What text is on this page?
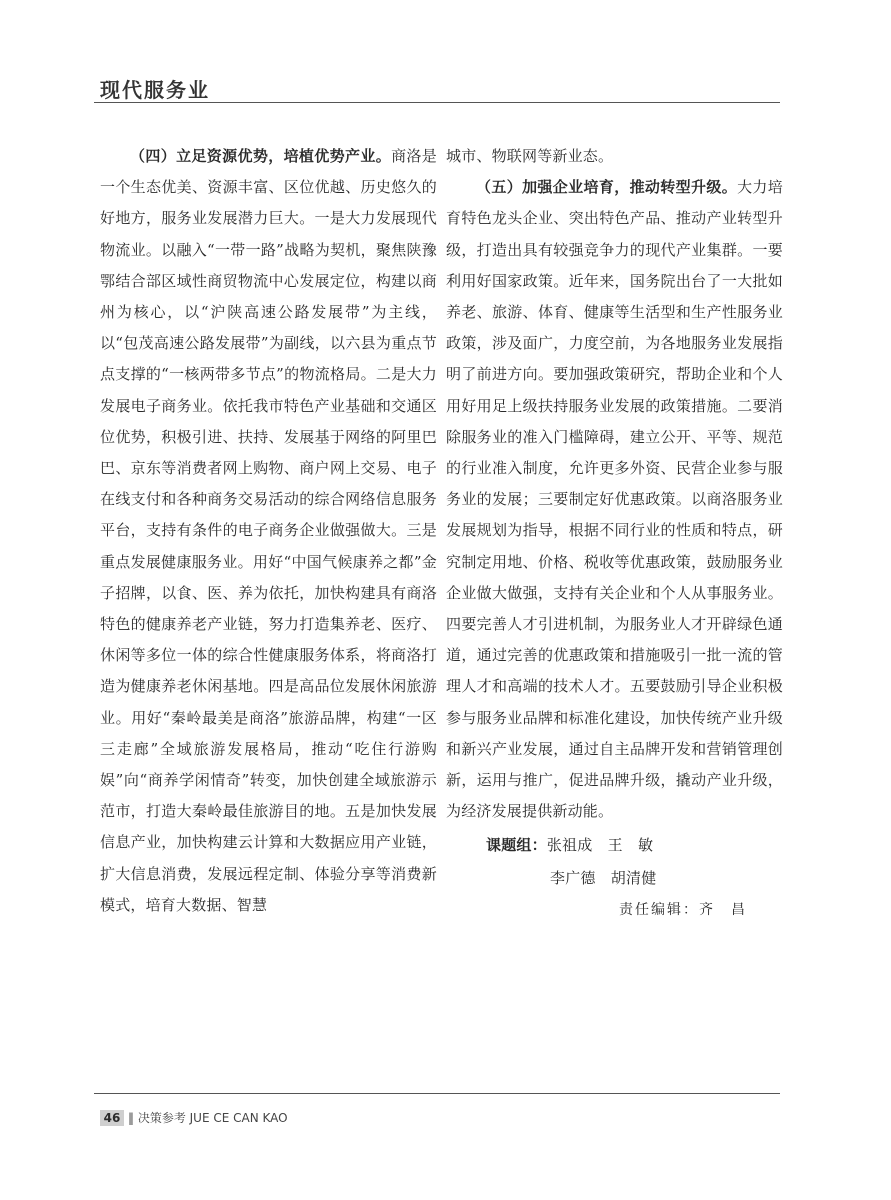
现代服务业

（四）立足资源优势，培植优势产业。商洛是一个生态优美、资源丰富、区位优越、历史悠久的好地方，服务业发展潜力巨大。一是大力发展现代物流业。以融入“一带一路”战略为契机，聚焦陕豫鄂结合部区域性商贸物流中心发展定位，构建以商州为核心，以“沪陕高速公路发展带”为主线，以“包茂高速公路发展带”为副线，以六县为重点节点支撑的“一核两带多节点”的物流格局。二是大力发展电子商务业。依托我市特色产业基础和交通区位优势，积极引进、扶持、发展基于网络的阿里巴巴、京东等消费者网上购物、商户网上交易、电子在线支付和各种商务交易活动的综合网络信息服务平台，支持有条件的电子商务企业做强做大。三是重点发展健康服务业。用好“中国气候康养之都”金子招牌，以食、医、养为依托，加快构建具有商洛特色的健康养老产业链，努力打造集养老、医疗、休闲等多位一体的综合性健康服务体系，将商洛打造为健康养老休闲基地。四是高品位发展休闲旅游业。用好“秦岭最美是商洛”旅游品牌，构建“一区三走廊”全域旅游发展格局，推动“吃住行游购娱”向“商养学闲情奇”转变，加快创建全域旅游示范市，打造大秦岭最佳旅游目的地。五是加快发展信息产业，加快构建云计算和大数据应用产业链，扩大信息消费，发展远程定制、体验分享等消费新模式，培育大数据、智慧

城市、物联网等新业态。

（五）加强企业培育，推动转型升级。大力培育特色龙头企业、突出特色产品、推动产业转型升级，打造出具有较强竞争力的现代产业集群。一要利用好国家政策。近年来，国务院出台了一大批如养老、旅游、体育、健康等生活型和生产性服务业政策，涉及面广，力度空前，为各地服务业发展指明了前进方向。要加强政策研究，帮助企业和个人用好用足上级扶持服务业发展的政策措施。二要消除服务业的准入门槛障碍，建立公开、平等、规范的行业准入制度，允许更多外资、民营企业参与服务业的发展；三要制定好优惠政策。以商洛服务业发展规划为指导，根据不同行业的性质和特点，研究制定用地、价格、税收等优惠政策，鼓励服务业企业做大做强，支持有关企业和个人从事服务业。四要完善人才引进机制，为服务业人才开辟绿色通道，通过完善的优惠政策和措施吸引一批一流的管理人才和高端的技术人才。五要鼓励引导企业积极参与服务业品牌和标准化建设，加快传统产业升级和新兴产业发展，通过自主品牌开发和营销管理创新，运用与推广，促进品牌升级，撬动产业升级，为经济发展提供新动能。

课题组：张祖成　王　敏
李广德　胡清健
责任编辑：齐　昌
46 ‖ 决策参考 JUE CE CAN KAO
